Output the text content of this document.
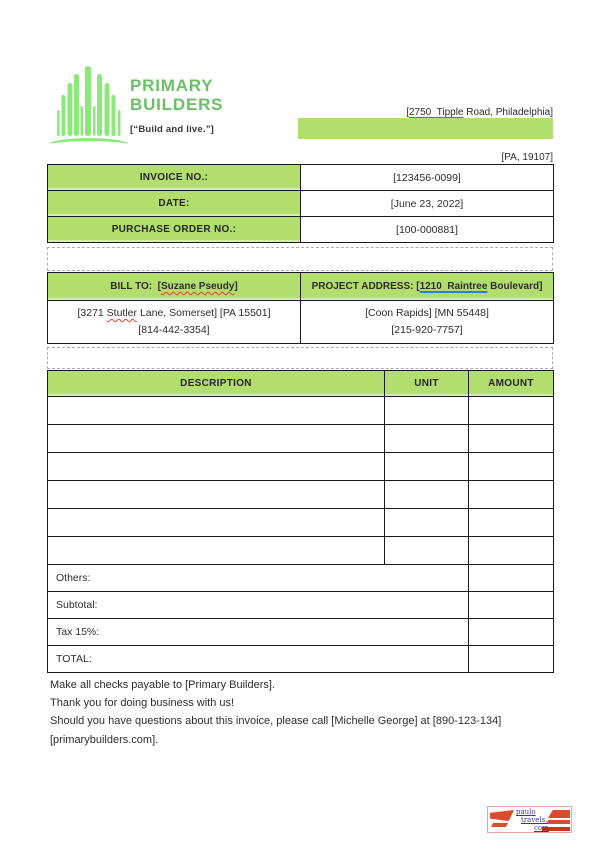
PRIMARY
BUILDERS
[“Build and live.”]

[2750  Tipple Road, Philadelphia]

[PA, 19107]

INVOICE NO.:	[123456-0099]
DATE:	[June 23, 2022]
PURCHASE ORDER NO.:	[100-000881]
BILL TO:  [Suzane Pseudy]	PROJECT ADDRESS: [1210  Raintree Boulevard]

[3271 Stutler Lane, Somerset] [PA 15501]
[814-442-3354]

[Coon Rapids] [MN 55448]
[215-920-7757]
DESCRIPTION	UNIT	AMOUNT

Others:		
Subtotal:		
Tax 15%:		
TOTAL:		
Make all checks payable to [Primary Builders].
Thank you for doing business with us!
Should you have questions about this invoice, please call [Michelle George] at [890-123-134]
[primarybuilders.com].
paulo
travels.
com
